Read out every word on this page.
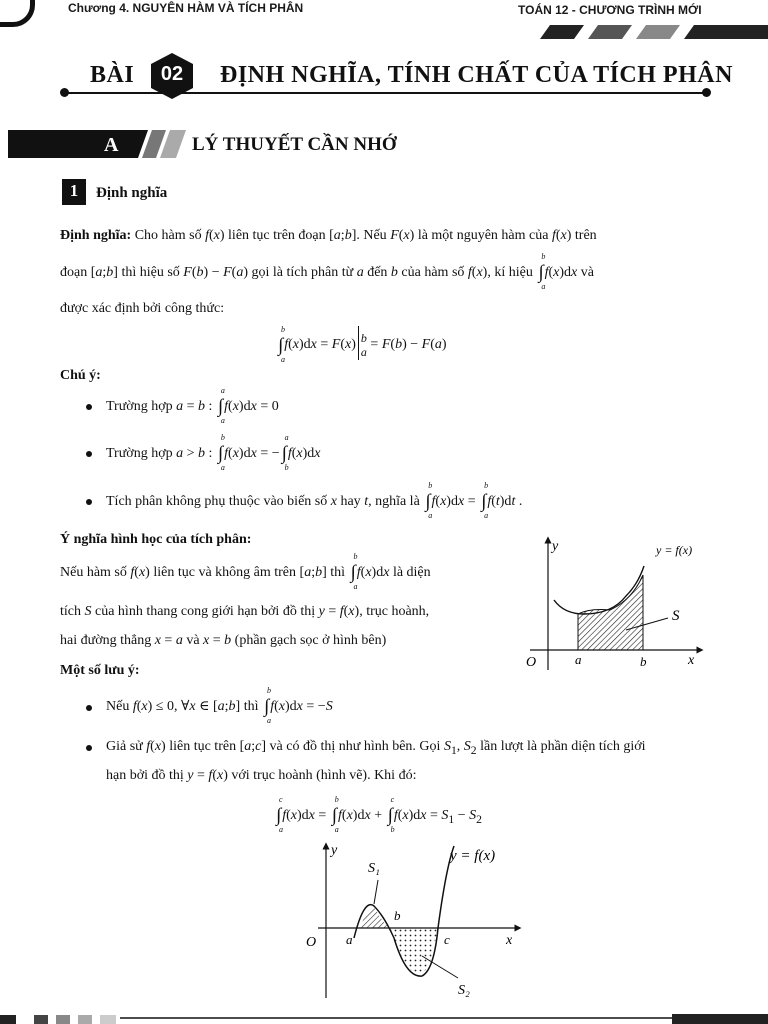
Chương 4. NGUYÊN HÀM VÀ TÍCH PHÂN	TOÁN 12 - CHƯƠNG TRÌNH MỚI
BÀI	02	ĐỊNH NGHĨA, TÍNH CHẤT CỦA TÍCH PHÂN
A	LÝ THUYẾT CẦN NHỚ
1	Định nghĩa
Định nghĩa: Cho hàm số f(x) liên tục trên đoạn [a;b]. Nếu F(x) là một nguyên hàm của f(x) trên
đoạn [a;b] thì hiệu số F(b) − F(a) gọi là tích phân từ a đến b của hàm số f(x), kí hiệu ∫
b
a
f(x)dx và
được xác định bởi công thức:
∫
b
a
f(x)dx = F(x) b
a = F(b) − F(a)
Chú ý:
Trường hợp a = b : ∫
a
a
f(x)dx = 0
Trường hợp a > b : ∫
b
a
f(x)dx = − ∫
a
b
f(x)dx
Tích phân không phụ thuộc vào biến số x hay t, nghĩa là ∫
b
a
f(x)dx = ∫
b
a
f(t)dt .
Ý nghĩa hình học của tích phân:
Nếu hàm số f(x) liên tục và không âm trên [a;b] thì ∫
b
a
f(x)dx là diện
tích S của hình thang cong giới hạn bởi đồ thị y = f(x), trục hoành,
hai đường thẳng x = a và x = b (phần gạch sọc ở hình bên)
y	y = f(x)
S
O	a	b	x
Một số lưu ý:
Nếu f(x) ≤ 0, ∀x ∈ [a;b] thì ∫
b
a
f(x)dx = −S
Giả sử f(x) liên tục trên [a;c] và có đồ thị như hình bên. Gọi $S_1$, $S_2$ lần lượt là phần diện tích giới
hạn bởi đồ thị y = f(x) với trục hoành (hình vẽ). Khi đó:
∫
c
a
f(x)dx = ∫
b
a
f(x)dx + ∫
c
b
$f(x)dx = S_1 - S_2$
y	y = f(x)
S₁
b
O a	c	x
S₂
